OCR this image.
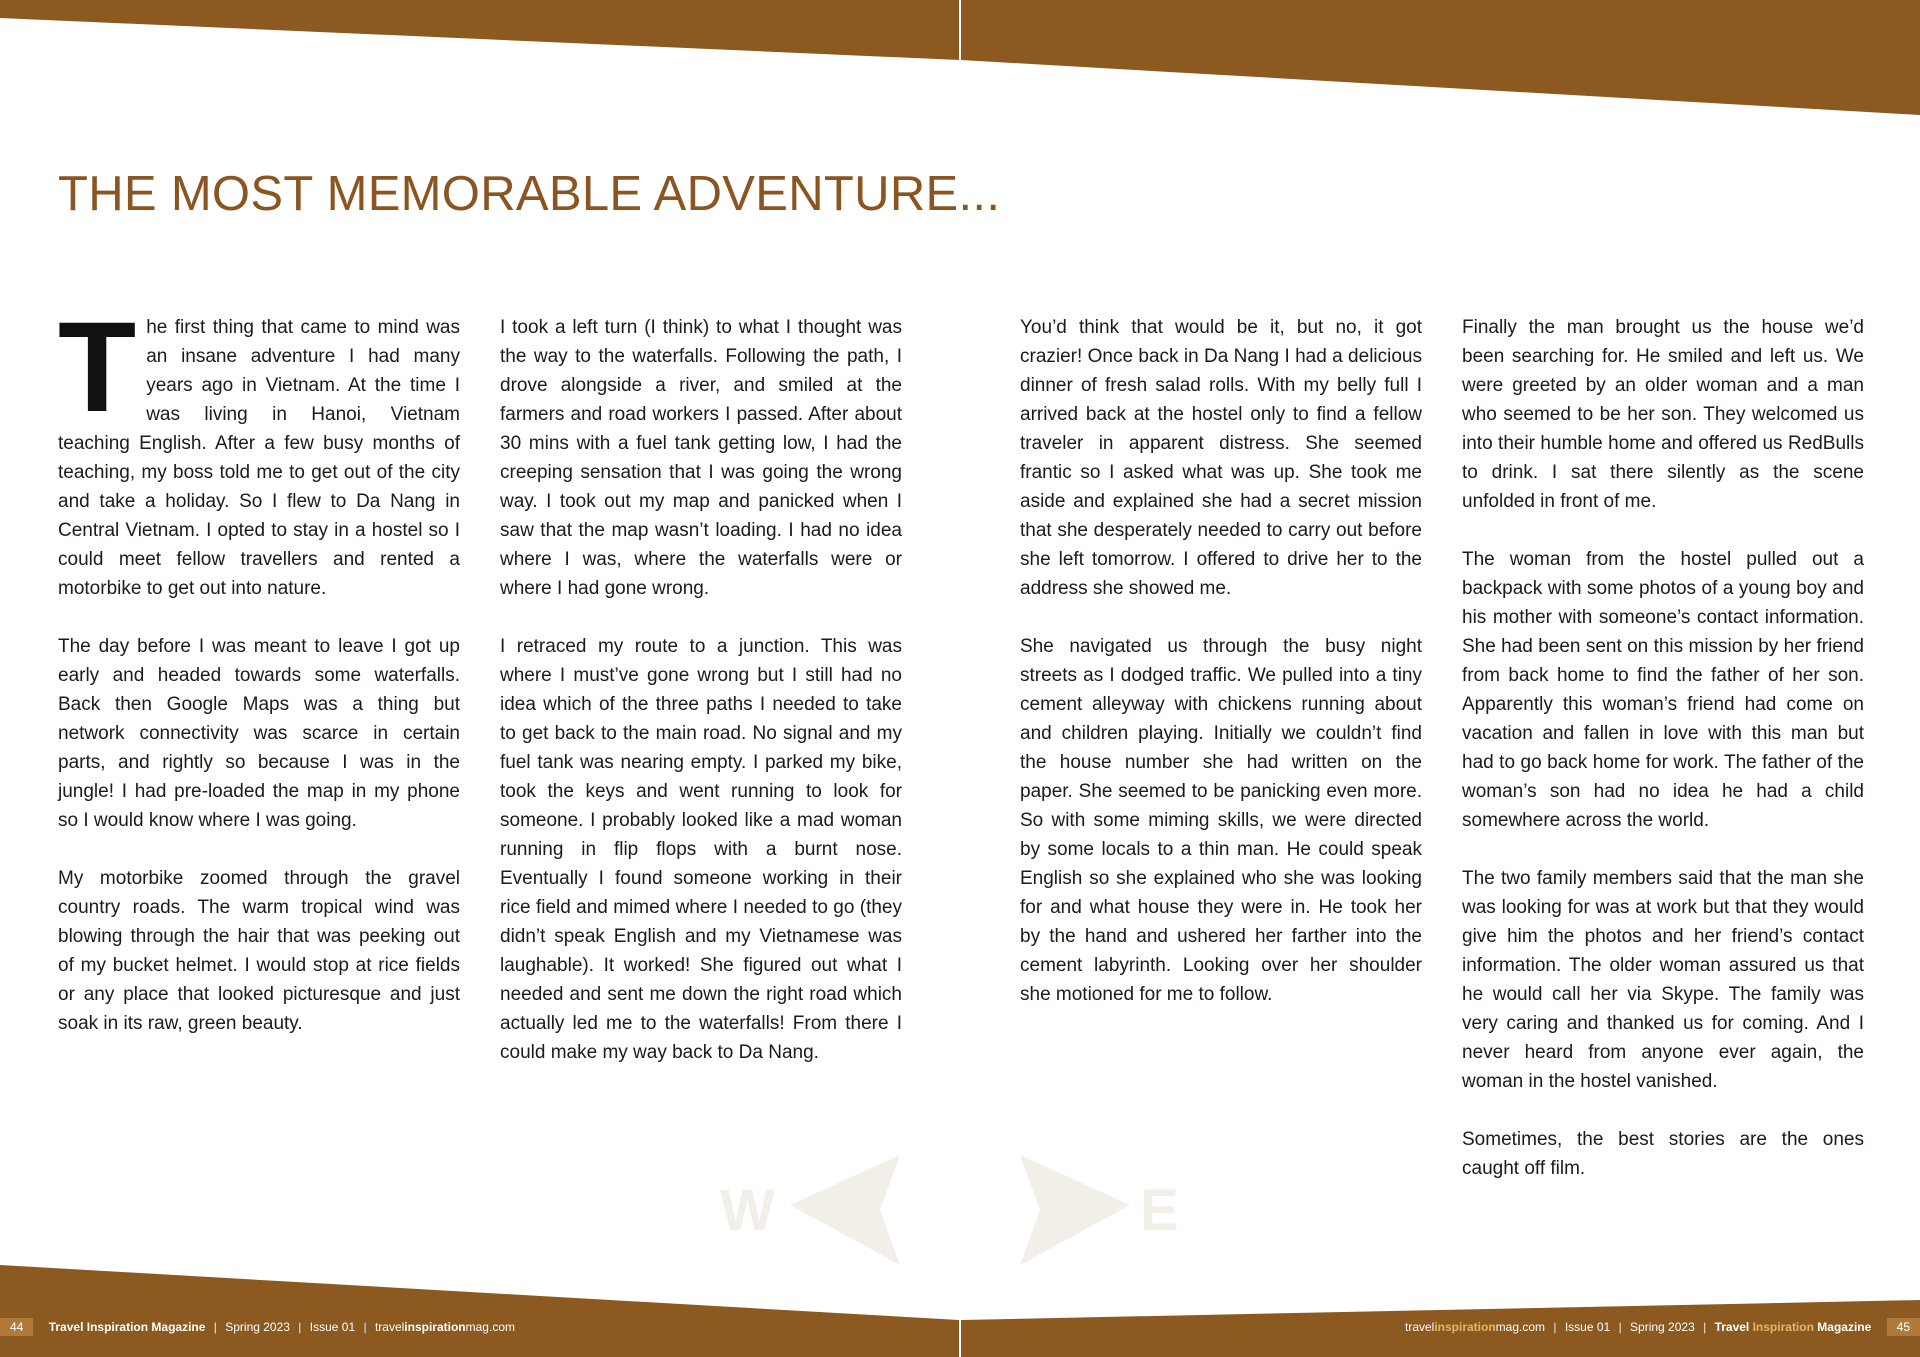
THE MOST MEMORABLE ADVENTURE...

The first thing that came to mind was an insane adventure I had many years ago in Vietnam. At the time I was living in Hanoi, Vietnam teaching English. After a few busy months of teaching, my boss told me to get out of the city and take a holiday. So I flew to Da Nang in Central Vietnam. I opted to stay in a hostel so I could meet fellow travellers and rented a motorbike to get out into nature.

The day before I was meant to leave I got up early and headed towards some waterfalls. Back then Google Maps was a thing but network connectivity was scarce in certain parts, and rightly so because I was in the jungle! I had pre-loaded the map in my phone so I would know where I was going.

My motorbike zoomed through the gravel country roads. The warm tropical wind was blowing through the hair that was peeking out of my bucket helmet. I would stop at rice fields or any place that looked picturesque and just soak in its raw, green beauty.

I took a left turn (I think) to what I thought was the way to the waterfalls. Following the path, I drove alongside a river, and smiled at the farmers and road workers I passed. After about 30 mins with a fuel tank getting low, I had the creeping sensation that I was going the wrong way. I took out my map and panicked when I saw that the map wasn’t loading. I had no idea where I was, where the waterfalls were or where I had gone wrong.

I retraced my route to a junction. This was where I must’ve gone wrong but I still had no idea which of the three paths I needed to take to get back to the main road. No signal and my fuel tank was nearing empty. I parked my bike, took the keys and went running to look for someone. I probably looked like a mad woman running in flip flops with a burnt nose. Eventually I found someone working in their rice field and mimed where I needed to go (they didn’t speak English and my Vietnamese was laughable). It worked! She figured out what I needed and sent me down the right road which actually led me to the waterfalls! From there I could make my way back to Da Nang.

You’d think that would be it, but no, it got crazier! Once back in Da Nang I had a delicious dinner of fresh salad rolls. With my belly full I arrived back at the hostel only to find a fellow traveler in apparent distress. She seemed frantic so I asked what was up. She took me aside and explained she had a secret mission that she desperately needed to carry out before she left tomorrow. I offered to drive her to the address she showed me.

She navigated us through the busy night streets as I dodged traffic. We pulled into a tiny cement alleyway with chickens running about and children playing. Initially we couldn’t find the house number she had written on the paper. She seemed to be panicking even more. So with some miming skills, we were directed by some locals to a thin man. He could speak English so she explained who she was looking for and what house they were in. He took her by the hand and ushered her farther into the cement labyrinth. Looking over her shoulder she motioned for me to follow.

Finally the man brought us the house we’d been searching for. He smiled and left us. We were greeted by an older woman and a man who seemed to be her son. They welcomed us into their humble home and offered us RedBulls to drink. I sat there silently as the scene unfolded in front of me.

The woman from the hostel pulled out a backpack with some photos of a young boy and his mother with someone’s contact information. She had been sent on this mission by her friend from back home to find the father of her son. Apparently this woman’s friend had come on vacation and fallen in love with this man but had to go back home for work. The father of the woman’s son had no idea he had a child somewhere across the world.

The two family members said that the man she was looking for was at work but that they would give him the photos and her friend’s contact information. The older woman assured us that he would call her via Skype. The family was very caring and thanked us for coming. And I never heard from anyone ever again, the woman in the hostel vanished.

Sometimes, the best stories are the ones caught off film.

W	E
44 Travel Inspiration Magazine | Spring 2023 | Issue 01 | travelinspirationmag.com	travelinspirationmag.com | Issue 01 | Spring 2023 | Travel Inspiration Magazine 45
